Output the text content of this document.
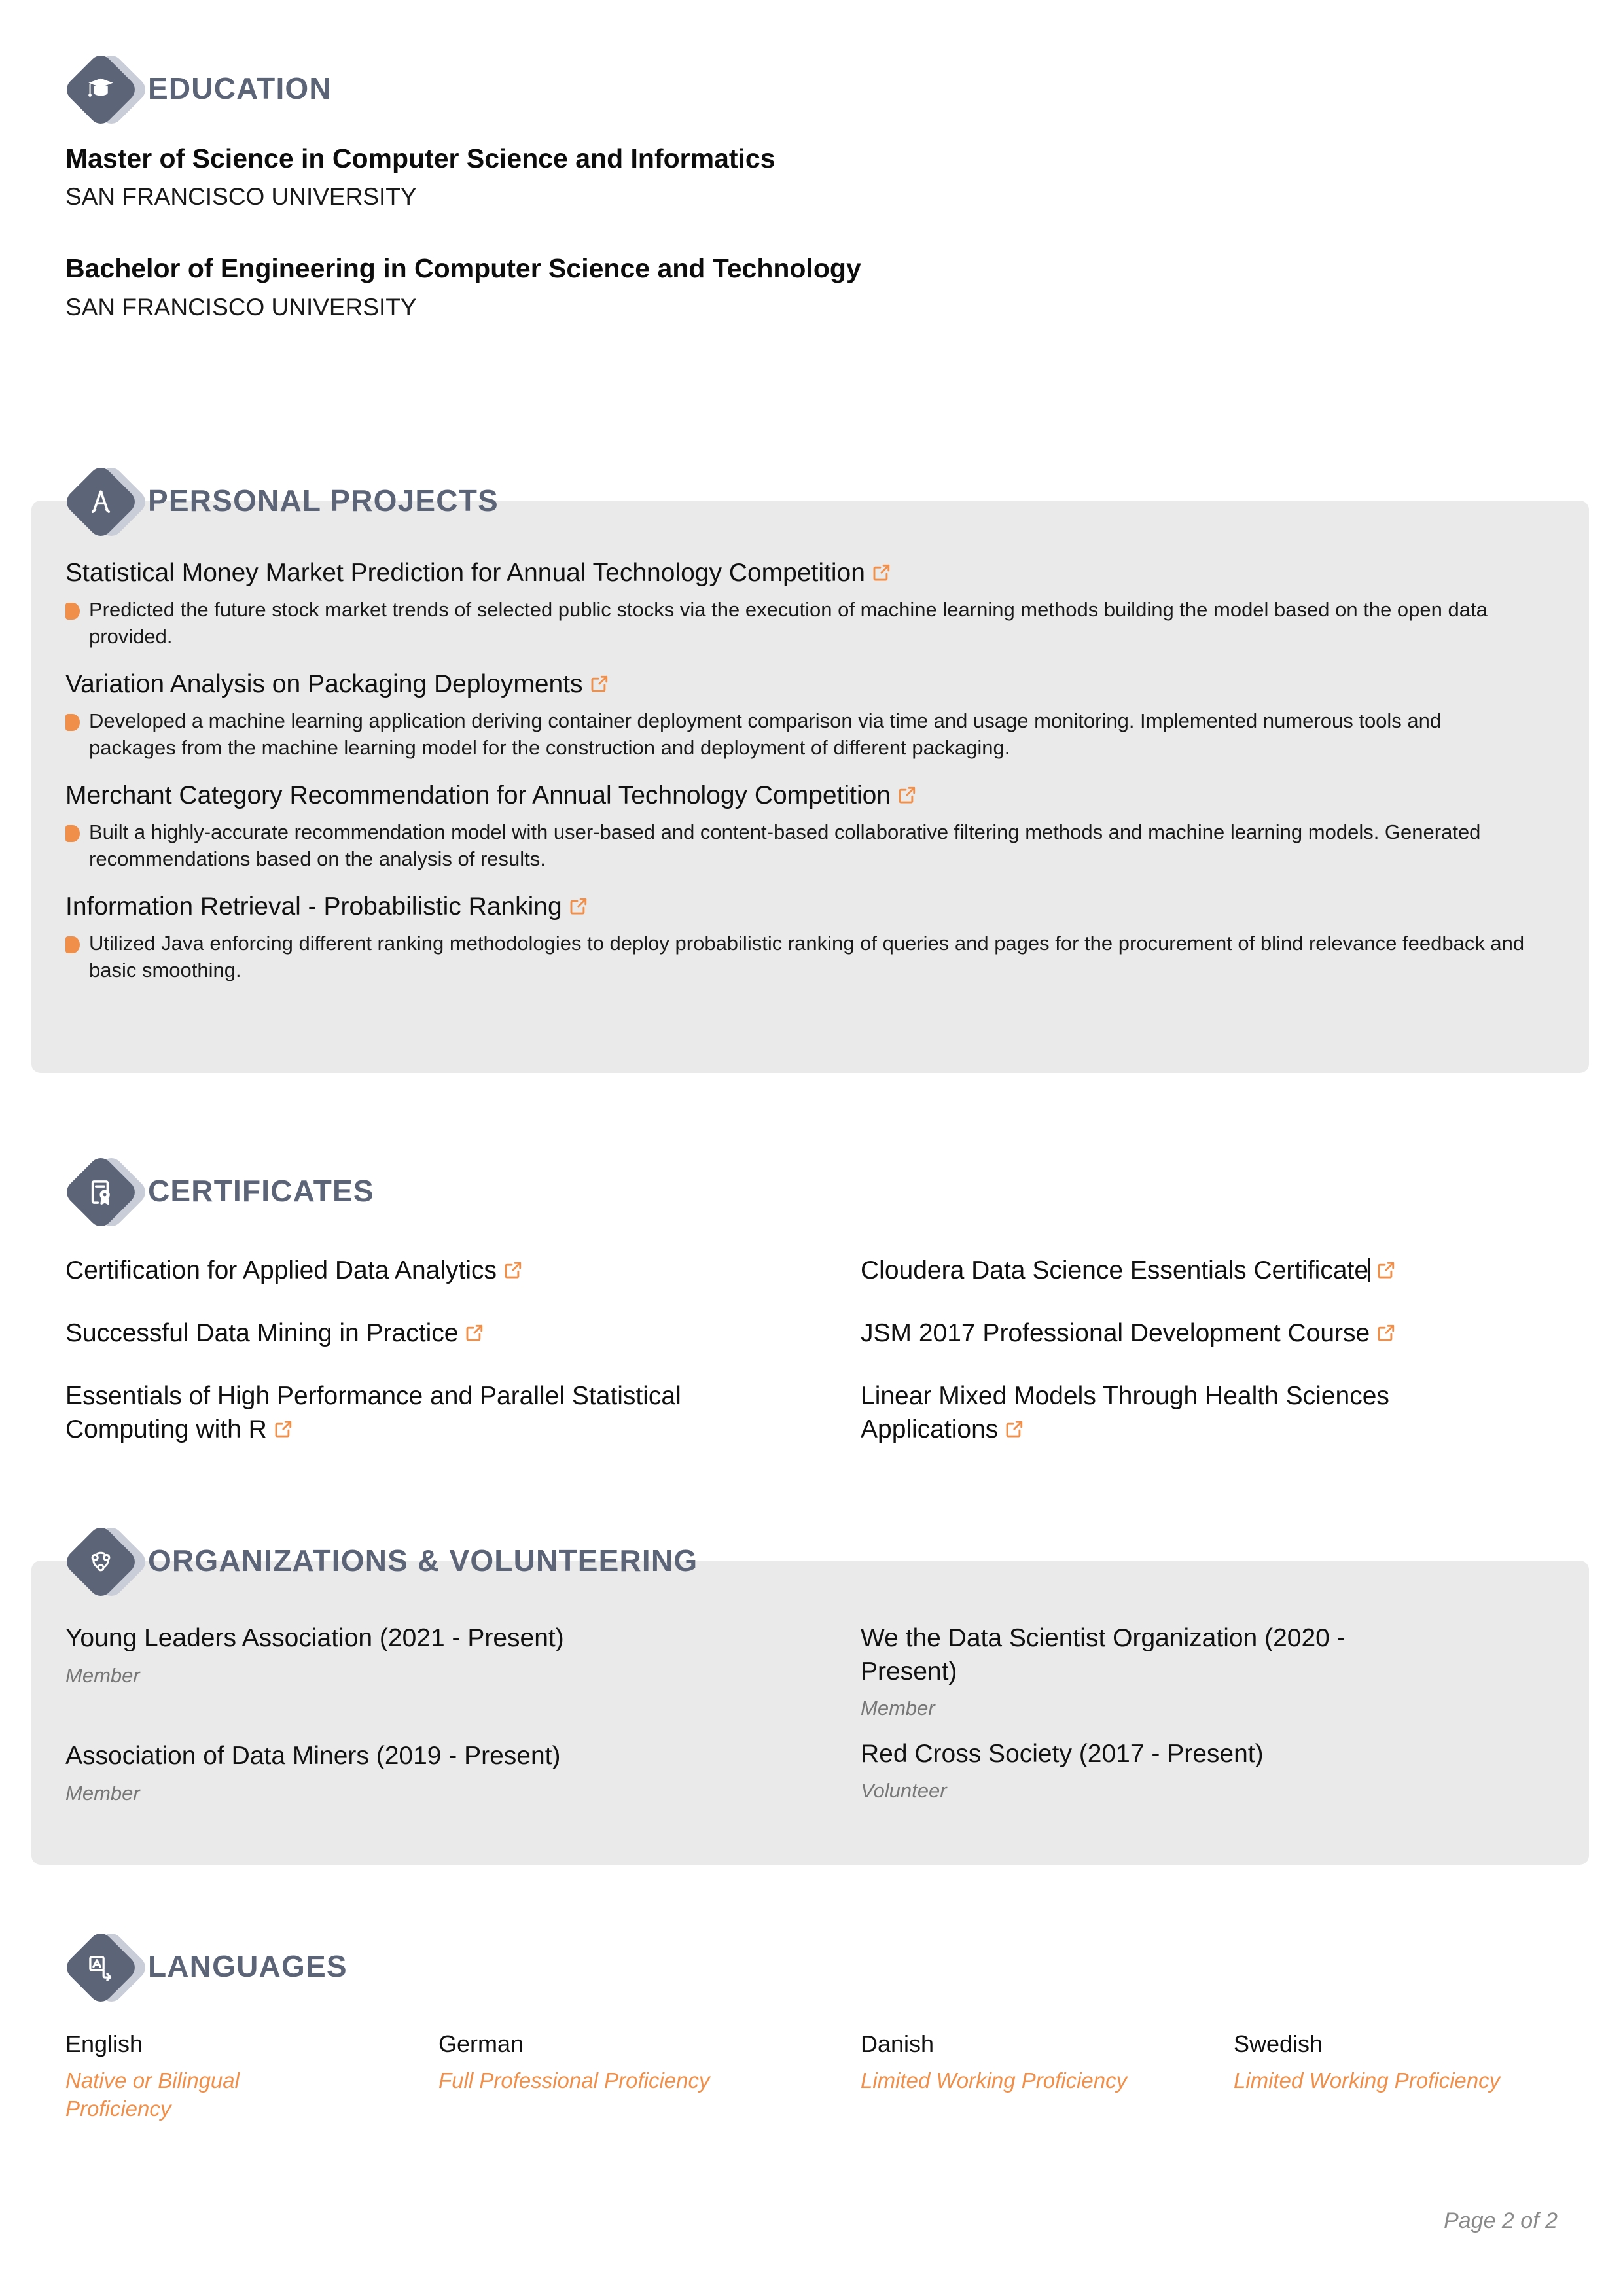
EDUCATION
Master of Science in Computer Science and Informatics
SAN FRANCISCO UNIVERSITY
Bachelor of Engineering in Computer Science and Technology
SAN FRANCISCO UNIVERSITY
PERSONAL PROJECTS
Statistical Money Market Prediction for Annual Technology Competition
Predicted the future stock market trends of selected public stocks via the execution of machine learning methods building the model based on the open data provided.
Variation Analysis on Packaging Deployments
Developed a machine learning application deriving container deployment comparison via time and usage monitoring. Implemented numerous tools and packages from the machine learning model for the construction and deployment of different packaging.
Merchant Category Recommendation for Annual Technology Competition
Built a highly-accurate recommendation model with user-based and content-based collaborative filtering methods and machine learning models. Generated recommendations based on the analysis of results.
Information Retrieval - Probabilistic Ranking
Utilized Java enforcing different ranking methodologies to deploy probabilistic ranking of queries and pages for the procurement of blind relevance feedback and basic smoothing.
CERTIFICATES
Certification for Applied Data Analytics
Successful Data Mining in Practice
Essentials of High Performance and Parallel Statistical Computing with R
Cloudera Data Science Essentials Certificate
JSM 2017 Professional Development Course
Linear Mixed Models Through Health Sciences Applications
ORGANIZATIONS & VOLUNTEERING
Young Leaders Association (2021 - Present)
Member
Association of Data Miners (2019 - Present)
Member
We the Data Scientist Organization (2020 - Present)
Member
Red Cross Society (2017 - Present)
Volunteer
LANGUAGES
English
Native or Bilingual Proficiency
German
Full Professional Proficiency
Danish
Limited Working Proficiency
Swedish
Limited Working Proficiency
Page 2 of 2
